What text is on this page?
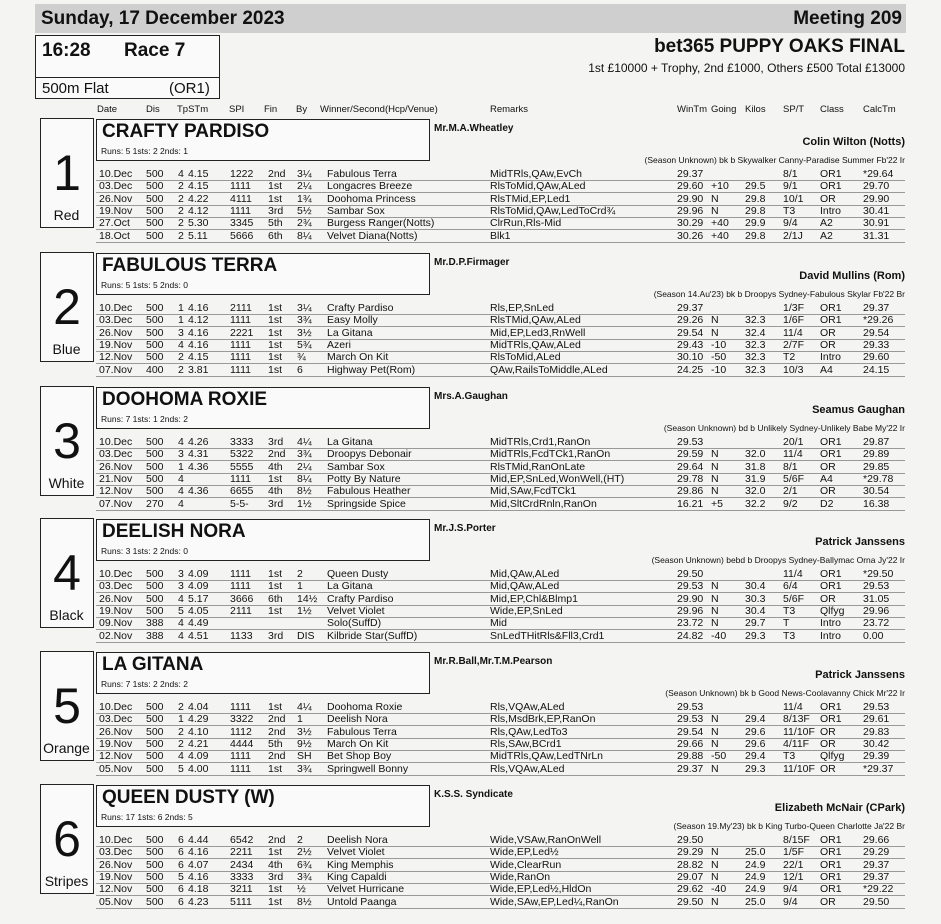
Sunday, 17 December 2023	Meeting 209
16:28 Race 7
500m Flat	(OR1)
bet365 PUPPY OAKS FINAL
1st £10000 + Trophy, 2nd £1000, Others £500 Total £13000
Date	Dis TpSTm SPI Fin By Winner/Second(Hcp/Venue)	Remarks	WinTm Going Kilos SP/T Class CalcTm
1
Red
CRAFTY PARDISO
Runs: 5 1sts: 2 2nds: 1
Mr.M.A.Wheatley
Colin Wilton (Notts)
(Season Unknown) bk b Skywalker Canny-Paradise Summer Fb'22 Ir
10.Dec 500 4 4.15 1222 2nd 3¼ Fabulous Terra	MidTRls,QAw,EvCh	29.37	8/1 OR1 *29.64
03.Dec 500 2 4.15 1111 1st 2¼ Longacres Breeze	RlsToMid,QAw,ALed	29.60 +10 29.5 9/1 OR1 29.70
26.Nov 500 2 4.22 4111 1st 1¾ Doohoma Princess	RlsTMid,EP,Led1	29.90 N	29.8 10/1 OR	29.90
19.Nov 500 2 4.12 1111 3rd 5½ Sambar Sox	RlsToMid,QAw,LedToCrd¾	29.96 N	29.8 T3 Intro 30.41
27.Oct 500 2 5.30 3345 5th 2¾ Burgess Ranger(Notts)	ClrRun,Rls-Mid	30.29 +40 29.9 9/4 A2	30.91
18.Oct 500 2 5.11 5666 6th 8¼ Velvet Diana(Notts)	Blk1	30.26 +40 29.8 2/1J A2	31.31
2
Blue
FABULOUS TERRA
Runs: 5 1sts: 5 2nds: 0
Mr.D.P.Firmager
David Mullins (Rom)
(Season 14.Au'23) bk b Droopys Sydney-Fabulous Skylar Fb'22 Br
10.Dec 500 1 4.16 2111 1st 3¼ Crafty Pardiso	Rls,EP,SnLed	29.37	1/3F OR1 29.37
03.Dec 500 1 4.12 1111 1st 3¾ Easy Molly	RlsTMid,QAw,ALed	29.26 N	32.3 1/6F OR1 *29.26
26.Nov 500 3 4.16 2221 1st 3½ La Gitana	Mid,EP,Led3,RnWell	29.54 N	32.4 11/4 OR	29.54
19.Nov 500 4 4.16 1111 1st 5¾ Azeri	MidTRls,QAw,ALed	29.43 -10 32.3 2/7F OR	29.33
12.Nov 500 2 4.15 1111 1st ¾ March On Kit	RlsToMid,ALed	30.10 -50 32.3 T2 Intro 29.60
07.Nov 400 2 3.81 1111 1st 6 Highway Pet(Rom)	QAw,RailsToMiddle,ALed	24.25 -10 32.3 10/3 A4	24.15
3
White
DOOHOMA ROXIE
Runs: 7 1sts: 1 2nds: 2
Mrs.A.Gaughan
Seamus Gaughan
(Season Unknown) bd b Unlikely Sydney-Unlikely Babe My'22 Ir
10.Dec 500 4 4.26 3333 3rd 4¼ La Gitana	MidTRls,Crd1,RanOn	29.53	20/1 OR1 29.87
03.Dec 500 3 4.31 5322 2nd 3¾ Droopys Debonair	MidTRls,FcdTCk1,RanOn	29.59 N	32.0 11/4 OR1 29.89
26.Nov 500 1 4.36 5555 4th 2¼ Sambar Sox	RlsTMid,RanOnLate	29.64 N	31.8 8/1 OR	29.85
21.Nov 500 4	1111 1st 8¼ Potty By Nature	Mid,EP,SnLed,WonWell,(HT)	29.78 N	31.9 5/6F A4	*29.78
12.Nov 500 4 4.36 6655 4th 8½ Fabulous Heather	Mid,SAw,FcdTCk1	29.86 N	32.0 2/1 OR	30.54
07.Nov 270 4	5-5- 3rd 1½ Springside Spice	Mid,SltCrdRnln,RanOn	16.21 +5 32.2 9/2 D2	16.38
4
Black
DEELISH NORA
Runs: 3 1sts: 2 2nds: 0
Mr.J.S.Porter
Patrick Janssens
(Season Unknown) bebd b Droopys Sydney-Ballymac Orna Jy'22 Ir
10.Dec 500 3 4.09 1111 1st 2 Queen Dusty	Mid,QAw,ALed	29.50	11/4 OR1 *29.50
03.Dec 500 3 4.09 1111 1st 1 La Gitana	Mid,QAw,ALed	29.53 N	30.4 6/4 OR1 29.53
26.Nov 500 4 5.17 3666 6th 14½ Crafty Pardiso	Mid,EP,Chl&Blmp1	29.90 N	30.3 5/6F OR	31.05
19.Nov 500 5 4.05 2111 1st 1½ Velvet Violet	Wide,EP,SnLed	29.96 N	30.4 T3 Qlfyg 29.96
09.Nov 388 4 4.49	Solo(SuffD)	Mid	23.72 N	29.7 T	Intro 23.72
02.Nov 388 4 4.51 1133 3rd DIS Kilbride Star(SuffD)	SnLedTHitRls&Fll3,Crd1	24.82 -40 29.3 T3 Intro 0.00
5
Orange
LA GITANA
Runs: 7 1sts: 2 2nds: 2
Mr.R.Ball,Mr.T.M.Pearson
Patrick Janssens
(Season Unknown) bk b Good News-Coolavanny Chick Mr'22 Ir
10.Dec 500 2 4.04 1111 1st 4¼ Doohoma Roxie	Rls,VQAw,ALed	29.53	11/4 OR1 29.53
03.Dec 500 1 4.29 3322 2nd 1 Deelish Nora	Rls,MsdBrk,EP,RanOn	29.53 N	29.4 8/13F OR1 29.61
26.Nov 500 2 4.10 1112 2nd 3½ Fabulous Terra	Rls,QAw,LedTo3	29.54 N	29.6 11/10F OR	29.83
19.Nov 500 2 4.21 4444 5th 9½ March On Kit	Rls,SAw,BCrd1	29.66 N	29.6 4/11F OR	30.42
12.Nov 500 4 4.09 1111 2nd SH Bet Shop Boy	MidTRls,QAw,LedTNrLn	29.88 -50 29.4 T3 Qlfyg 29.39
05.Nov 500 5 4.00 1111 1st 3¾ Springwell Bonny	Rls,VQAw,ALed	29.37 N	29.3 11/10F OR	*29.37
6
Stripes
QUEEN DUSTY (W)
Runs: 17 1sts: 6 2nds: 5
K.S.S. Syndicate
Elizabeth McNair (CPark)
(Season 19.My'23) bk b King Turbo-Queen Charlotte Ja'22 Br
10.Dec 500 6 4.44 6542 2nd 2 Deelish Nora	Wide,VSAw,RanOnWell	29.50	8/15F OR1 29.66
03.Dec 500 6 4.16 2211 1st 2½ Velvet Violet	Wide,EP,Led½	29.29 N	25.0 1/5F OR1 29.29
26.Nov 500 6 4.07 2434 4th 6¾ King Memphis	Wide,ClearRun	28.82 N	24.9 22/1 OR1 29.37
19.Nov 500 5 4.16 3333 3rd 3¾ King Capaldi	Wide,RanOn	29.07 N	24.9 12/1 OR1 29.37
12.Nov 500 6 4.18 3211 1st ½ Velvet Hurricane	Wide,EP,Led½,HldOn	29.62 -40 24.9 9/4 OR1 *29.22
05.Nov 500 6 4.23 5111 1st 8½ Untold Paanga	Wide,SAw,EP,Led¼,RanOn	29.50 N	25.0 9/4 OR	29.50
